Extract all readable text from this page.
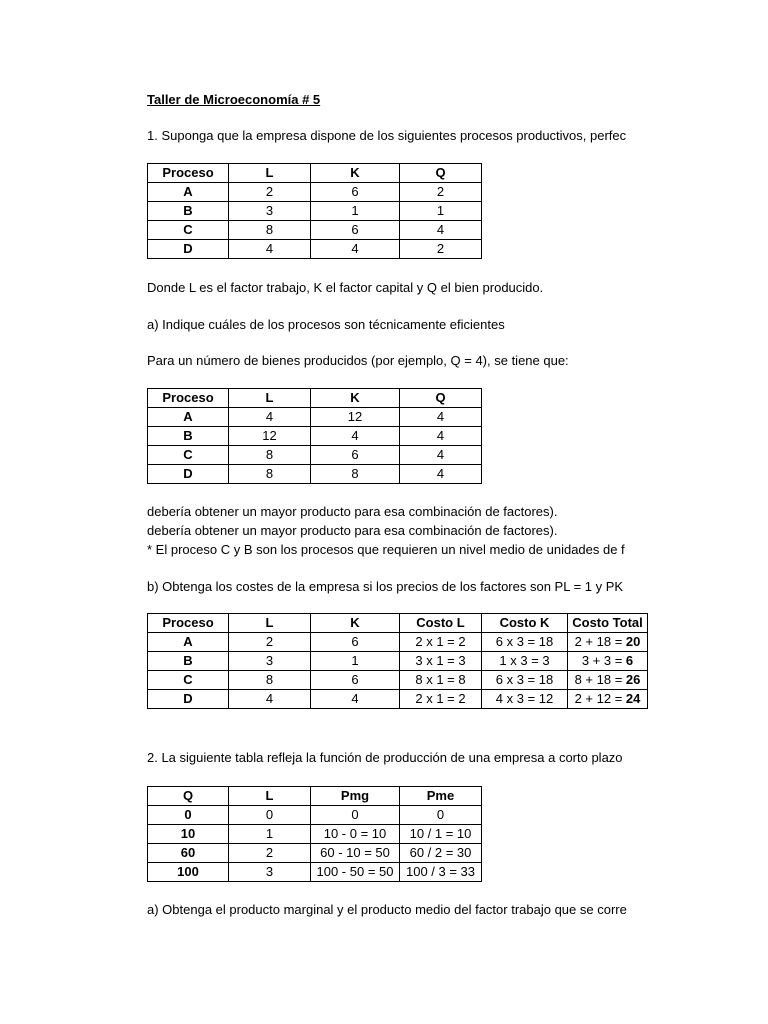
Taller de Microeconomía # 5
1. Suponga que la empresa dispone de los siguientes procesos productivos, perfec
Proceso	L	K	Q
A	2	6	2
B	3	1	1
C	8	6	4
D	4	4	2
Donde L es el factor trabajo, K el factor capital y Q el bien producido.
a) Indique cuáles de los procesos son técnicamente eficientes
Para un número de bienes producidos (por ejemplo, Q = 4), se tiene que:
Proceso	L	K	Q
A	4	12	4
B	12	4	4
C	8	6	4
D	8	8	4
debería obtener un mayor producto para esa combinación de factores).
debería obtener un mayor producto para esa combinación de factores).
* El proceso C y B son los procesos que requieren un nivel medio de unidades de f
b) Obtenga los costes de la empresa si los precios de los factores son PL = 1 y PK
Proceso	L	K	Costo L	Costo K	Costo Total
A	2	6	2 x 1 = 2	6 x 3 = 18	2 + 18 = 20
B	3	1	3 x 1 = 3	1 x 3 = 3	3 + 3 = 6
C	8	6	8 x 1 = 8	6 x 3 = 18	8 + 18 = 26
D	4	4	2 x 1 = 2	4 x 3 = 12	2 + 12 = 24
2. La siguiente tabla refleja la función de producción de una empresa a corto plazo
Q	L	Pmg	Pme
0	0	0	0
10	1	10 - 0 = 10	10 / 1 = 10
60	2	60 - 10 = 50	60 / 2 = 30
100	3	100 - 50 = 50	100 / 3 = 33
a) Obtenga el producto marginal y el producto medio del factor trabajo que se corre
